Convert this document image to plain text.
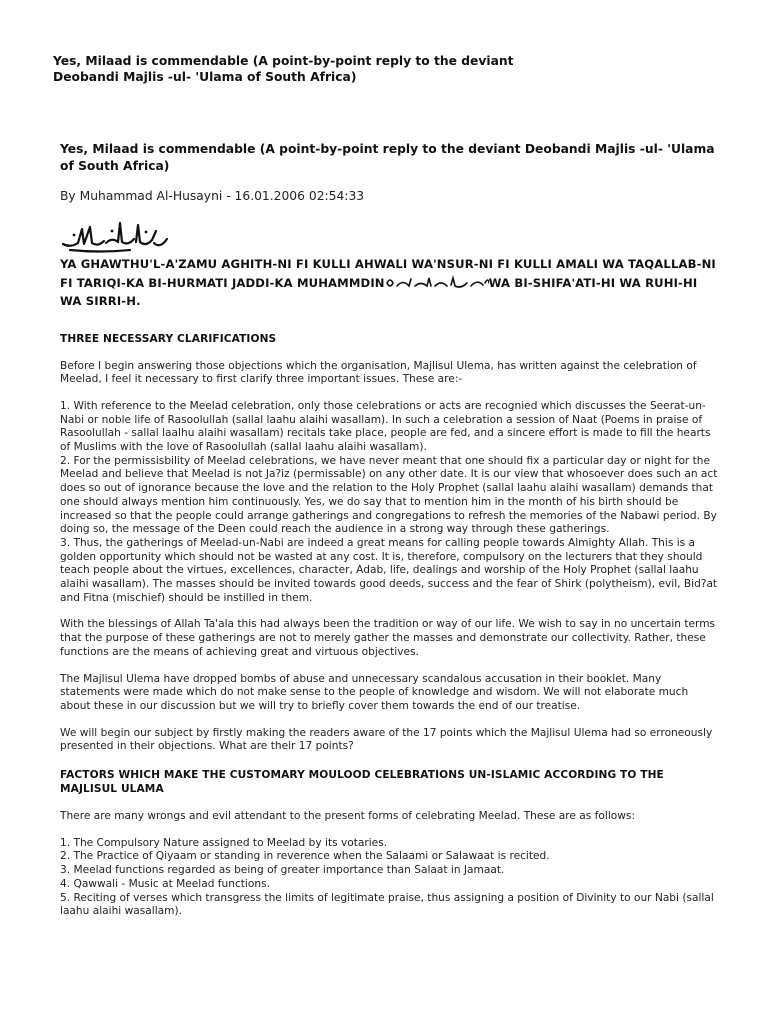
Yes, Milaad is commendable (A point-by-point reply to the deviant Deobandi Majlis -ul- 'Ulama of South Africa)
Yes, Milaad is commendable (A point-by-point reply to the deviant Deobandi Majlis -ul- 'Ulama of South Africa)
By Muhammad Al-Husayni - 16.01.2006 02:54:33
YA GHAWTHU'L-A'ZAMU AGHITH-NI FI KULLI AHWALI WA'NSUR-NI FI KULLI AMALI WA TAQALLAB-NI FI TARIQI-KA BI-HURMATI JADDI-KA MUHAMMDIN	WA BI-SHIFA'ATI-HI WA RUHI-HI WA SIRRI-H.
THREE NECESSARY CLARIFICATIONS

Before I begin answering those objections which the organisation, Majlisul Ulema, has written against the celebration of Meelad, I feel it necessary to first clarify three important issues. These are:-

1. With reference to the Meelad celebration, only those celebrations or acts are recognied which discusses the Seerat-un-Nabi or noble life of Rasoolullah (sallal laahu alaihi wasallam). In such a celebration a session of Naat (Poems in praise of Rasoolullah - sallal laalhu alaihi wasallam) recitals take place, people are fed, and a sincere effort is made to fill the hearts of Muslims with the love of Rasoolullah (sallal laahu alaihi wasallam).

2. For the permissisbility of Meelad celebrations, we have never meant that one should fix a particular day or night for the Meelad and believe that Meelad is not Ja?iz (permissable) on any other date. It is our view that whosoever does such an act does so out of ignorance because the love and the relation to the Holy Prophet (sallal laahu alaihi wasallam) demands that one should always mention him continuously. Yes, we do say that to mention him in the month of his birth should be increased so that the people could arrange gatherings and congregations to refresh the memories of the Nabawi period. By doing so, the message of the Deen could reach the audience in a strong way through these gatherings.

3. Thus, the gatherings of Meelad-un-Nabi are indeed a great means for calling people towards Almighty Allah. This is a golden opportunity which should not be wasted at any cost. It is, therefore, compulsory on the lecturers that they should teach people about the virtues, excellences, character, Adab, life, dealings and worship of the Holy Prophet (sallal laahu alaihi wasallam). The masses should be invited towards good deeds, success and the fear of Shirk (polytheism), evil, Bid?at and Fitna (mischief) should be instilled in them.

With the blessings of Allah Ta'ala this had always been the tradition or way of our life. We wish to say in no uncertain terms that the purpose of these gatherings are not to merely gather the masses and demonstrate our collectivity. Rather, these functions are the means of achieving great and virtuous objectives.

The Majlisul Ulema have dropped bombs of abuse and unnecessary scandalous accusation in their booklet. Many statements were made which do not make sense to the people of knowledge and wisdom. We will not elaborate much about these in our discussion but we will try to briefly cover them towards the end of our treatise.

We will begin our subject by firstly making the readers aware of the 17 points which the Majlisul Ulema had so erroneously presented in their objections. What are their 17 points?

FACTORS WHICH MAKE THE CUSTOMARY MOULOOD CELEBRATIONS UN-ISLAMIC ACCORDING TO THE MAJLISUL ULAMA

There are many wrongs and evil attendant to the present forms of celebrating Meelad. These are as follows:

1. The Compulsory Nature assigned to Meelad by its votaries.

2. The Practice of Qiyaam or standing in reverence when the Salaami or Salawaat is recited.

3. Meelad functions regarded as being of greater importance than Salaat in Jamaat.

4. Qawwali - Music at Meelad functions.

5. Reciting of verses which transgress the limits of legitimate praise, thus assigning a position of Divinity to our Nabi (sallal laahu alaihi wasallam).
